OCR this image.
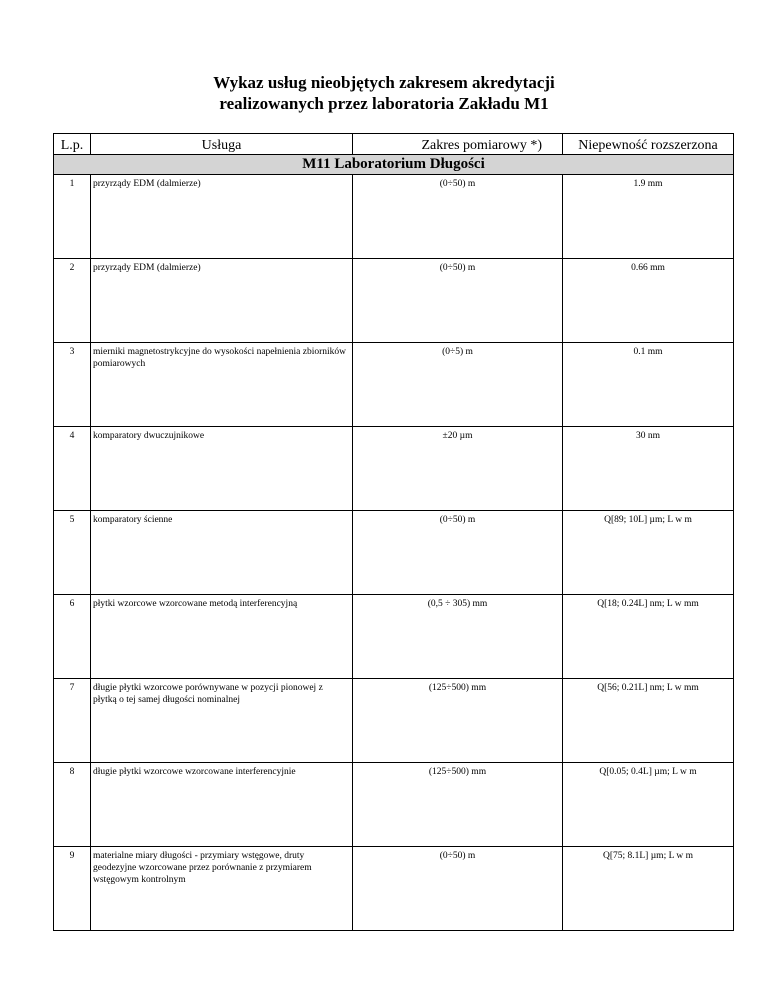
Wykaz usług nieobjętych zakresem akredytacji
realizowanych przez laboratoria Zakładu M1
L.p.	Usługa	Zakres pomiarowy *)	Niepewność rozszerzona
M11 Laboratorium Długości			
1	przyrządy EDM (dalmierze)	(0÷50) m	1.9 mm
2	przyrządy EDM (dalmierze)	(0÷50) m	0.66 mm
3	mierniki magnetostrykcyjne do wysokości napełnienia zbiorników pomiarowych	(0÷5) m	0.1 mm
4	komparatory dwuczujnikowe	±20 µm	30 nm
5	komparatory ścienne	(0÷50) m	Q[89; 10L] µm; L w m
6	płytki wzorcowe wzorcowane metodą interferencyjną	(0,5 ÷ 305) mm	Q[18; 0.24L] nm; L w mm
7	długie płytki wzorcowe porównywane w pozycji pionowej z płytką o tej samej długości nominalnej	(125÷500) mm	Q[56; 0.21L] nm; L w mm
8	długie płytki wzorcowe wzorcowane interferencyjnie	(125÷500) mm	Q[0.05; 0.4L] µm; L w m
9	materialne miary długości - przymiary wstęgowe, druty geodezyjne wzorcowane przez porównanie z przymiarem wstęgowym kontrolnym	(0÷50) m	Q[75; 8.1L] µm; L w m
